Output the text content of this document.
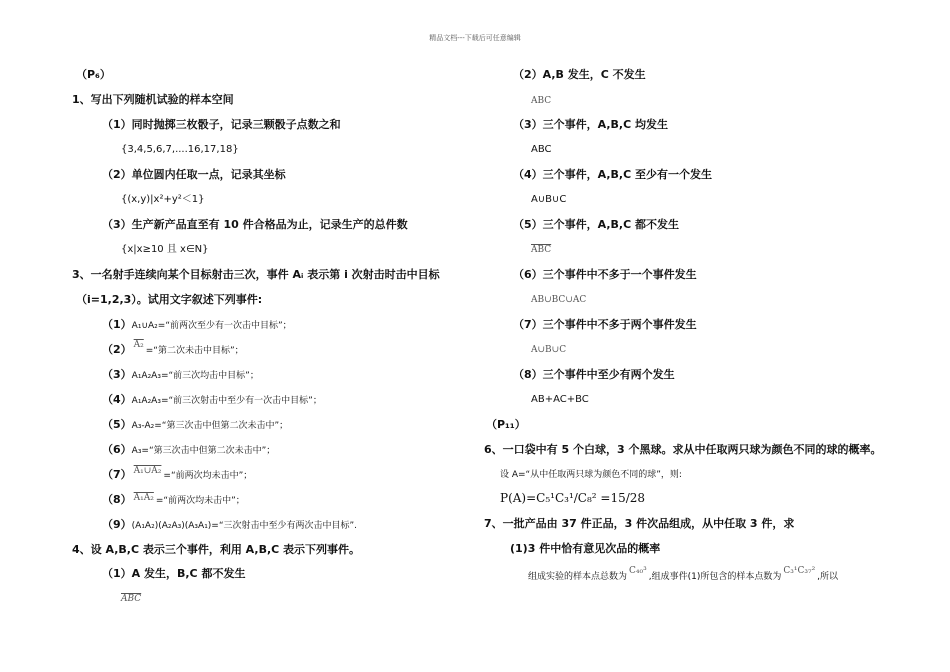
精品文档---下载后可任意编辑
（P₆）
1、写出下列随机试验的样本空间
（1）同时抛掷三枚骰子，记录三颗骰子点数之和
{3,4,5,6,7,....16,17,18}
（2）单位圆内任取一点，记录其坐标
{(x,y)|x²+y²＜1}
（3）生产新产品直至有 10 件合格品为止，记录生产的总件数
{x|x≥10 且 x∈N}
3、一名射手连续向某个目标射击三次，事件 Aᵢ 表示第 i 次射击时击中目标
（i=1,2,3）。试用文字叙述下列事件:
（1）A₁∪A₂=“前两次至少有一次击中目标”；
（2） $^{A_2}$=“第二次未击中目标”；
（3）A₁A₂A₃=“前三次均击中目标”；
（4）A₁A₂A₃=“前三次射击中至少有一次击中目标”；
（5）A₃-A₂=“第三次击中但第二次未击中”；
（6）A₃=“第三次击中但第二次未击中”；
（7） $^{A_1\cup A_2}$ =“前两次均未击中”；
（8） $^{A_1A_2}$ =“前两次均未击中”；
（9）(A₁A₂)(A₂A₃)(A₃A₁)=“三次射击中至少有两次击中目标”.
4、设 A,B,C 表示三个事件，利用 A,B,C 表示下列事件。
（1）A 发生，B,C 都不发生
$\overline{ABC}$
（2）A,B 发生，C 不发生
ABC
（3）三个事件，A,B,C 均发生
ABC
（4）三个事件，A,B,C 至少有一个发生
A∪B∪C
（5）三个事件，A,B,C 都不发生
$\overline{ABC}$
（6）三个事件中不多于一个事件发生
AB∪BC∪AC
（7）三个事件中不多于两个事件发生
A∪B∪C
（8）三个事件中至少有两个发生
AB+AC+BC
（P₁₁）
6、一口袋中有 5 个白球，3 个黑球。求从中任取两只球为颜色不同的球的概率。
设 A=“从中任取两只球为颜色不同的球”，则:
P(A)=C₅¹C₃¹/C₈² =15/28
7、一批产品由 37 件正品，3 件次品组成，从中任取 3 件，求
(1)3 件中恰有意见次品的概率
组成实验的样本点总数为C₄₀³,组成事件(1)所包含的样本点数为C₃¹C₃₇²,所以
